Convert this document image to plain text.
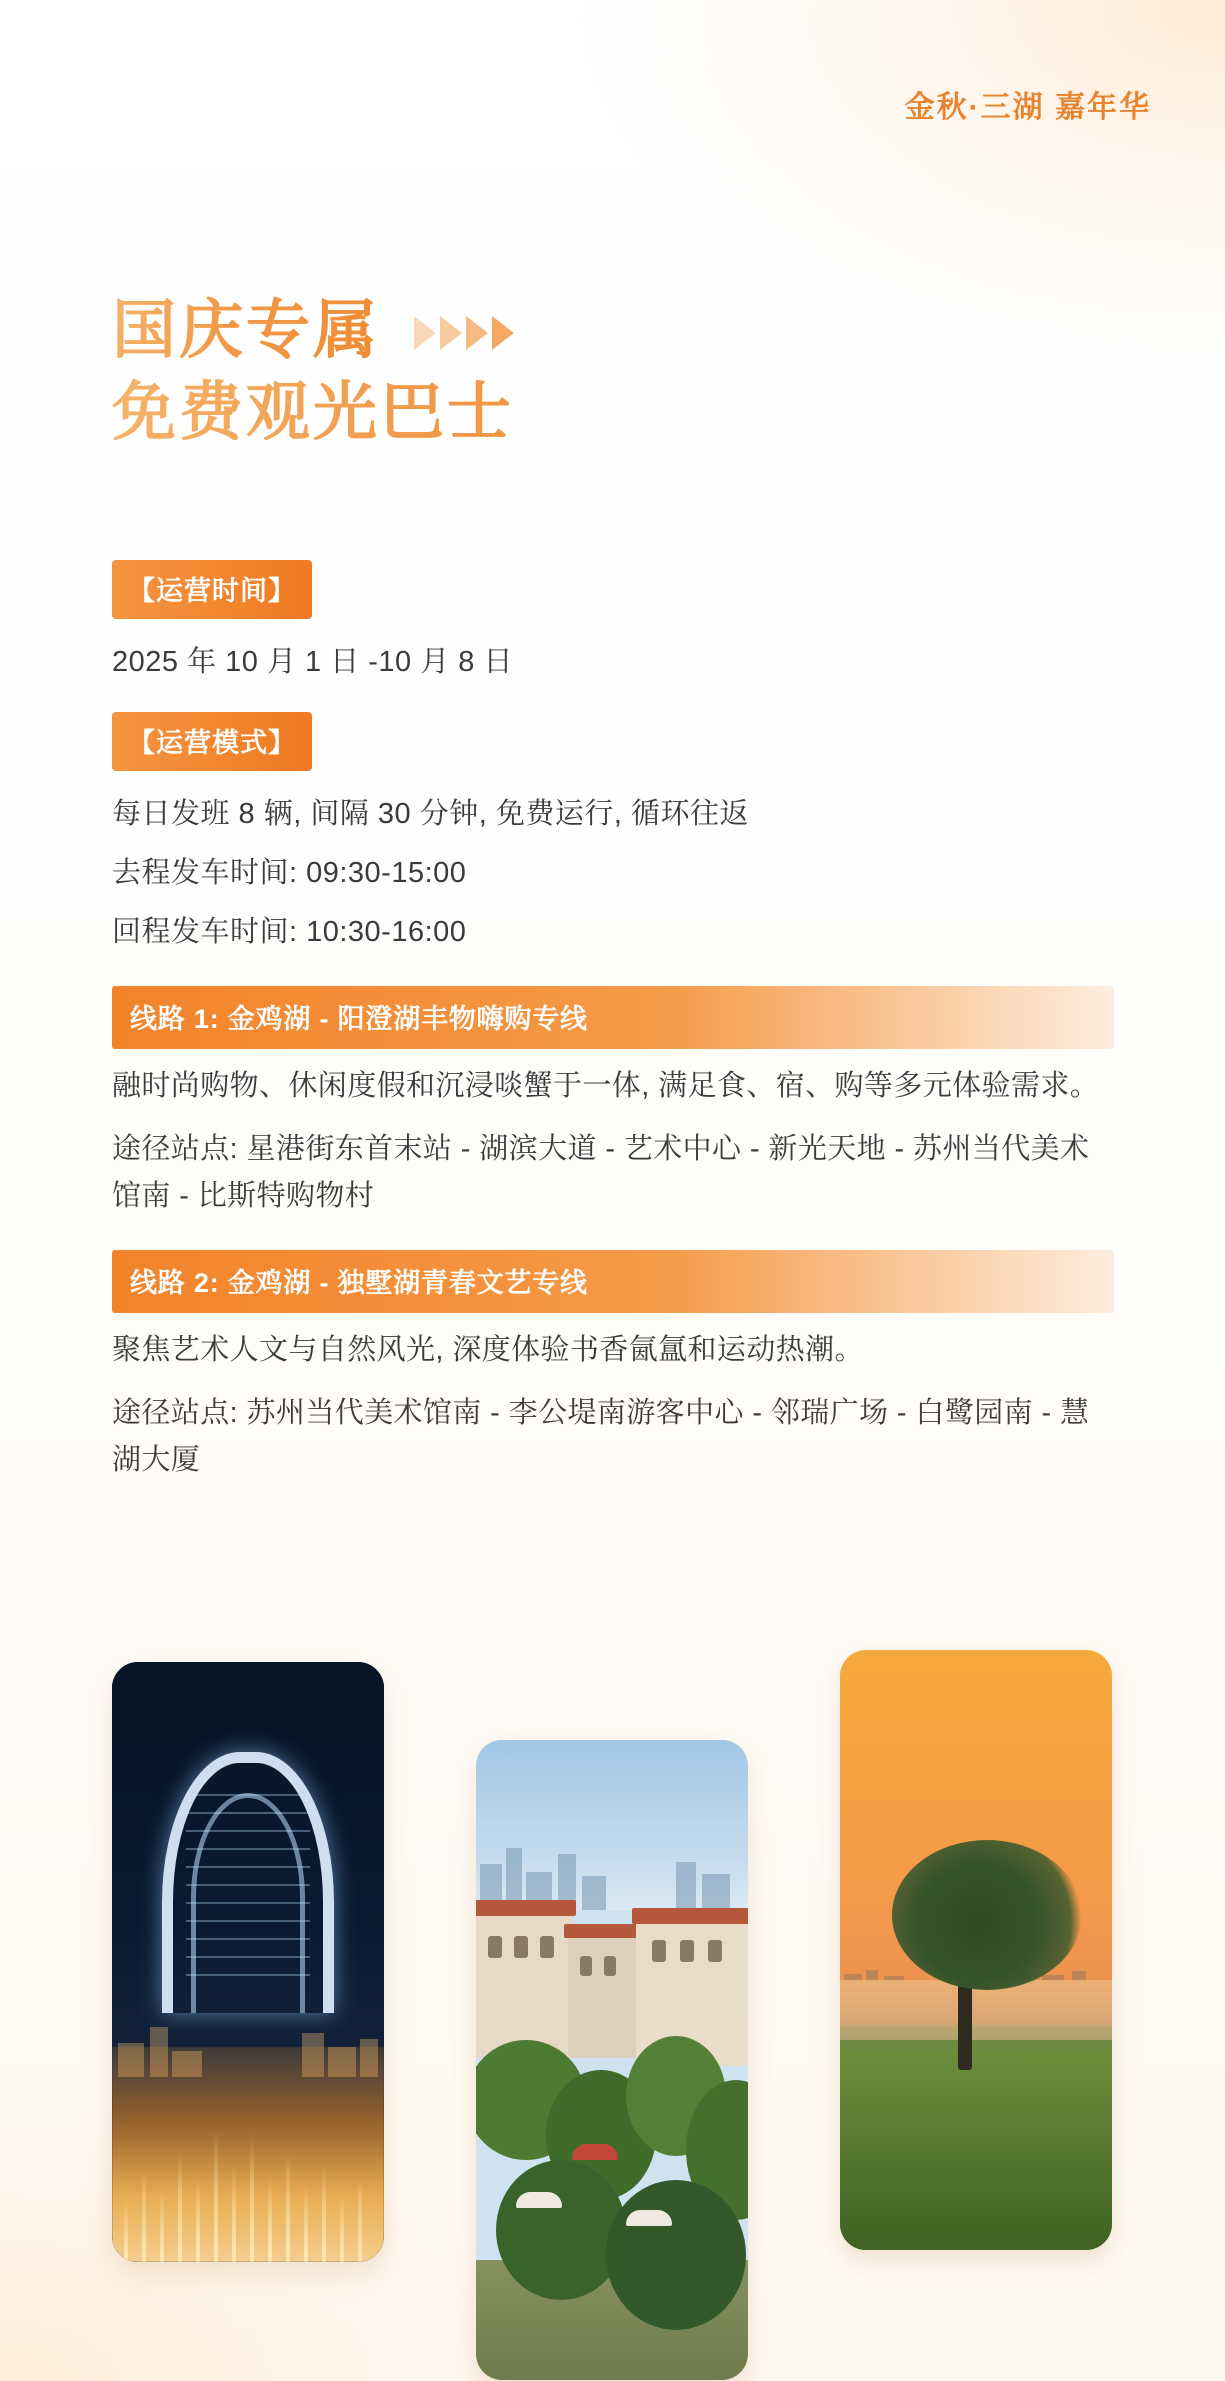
金秋·三湖 嘉年华
国庆专属
免费观光巴士
【运营时间】
2025 年 10 月 1 日 -10 月 8 日
【运营模式】
每日发班 8 辆, 间隔 30 分钟, 免费运行, 循环往返
去程发车时间: 09:30-15:00
回程发车时间: 10:30-16:00
线路 1: 金鸡湖 - 阳澄湖丰物嗨购专线
融时尚购物、休闲度假和沉浸啖蟹于一体, 满足食、宿、购等多元体验需求。
途径站点: 星港街东首末站 - 湖滨大道 - 艺术中心 - 新光天地 - 苏州当代美术馆南 - 比斯特购物村
线路 2: 金鸡湖 - 独墅湖青春文艺专线
聚焦艺术人文与自然风光, 深度体验书香氤氲和运动热潮。
途径站点: 苏州当代美术馆南 - 李公堤南游客中心 - 邻瑞广场 - 白鹭园南 - 慧湖大厦
